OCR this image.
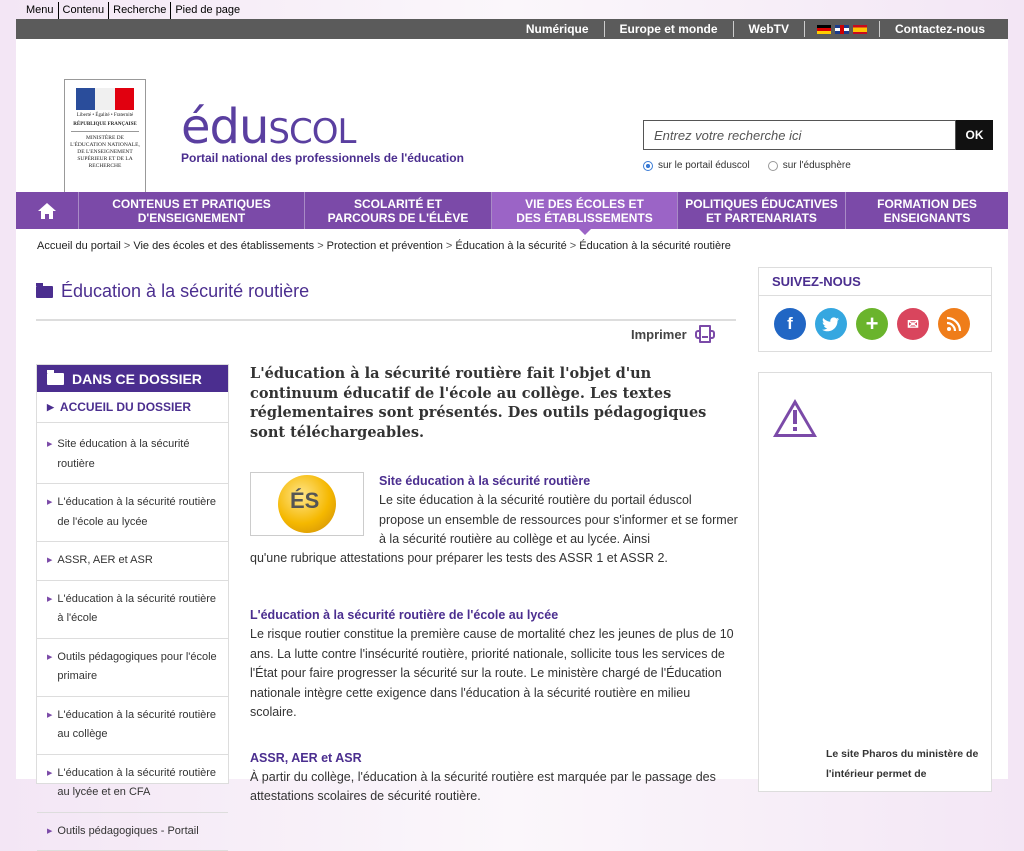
Menu Contenu Recherche Pied de page
Numérique	Europe et monde	WebTV	Contactez-nous
Liberté • Égalité • Fraternité
RÉPUBLIQUE FRANÇAISE
MINISTÈRE DE L'ÉDUCATION NATIONALE, DE L'ENSEIGNEMENT SUPÉRIEUR ET DE LA RECHERCHE
éduscol
Portail national des professionnels de l'éducation
Entrez votre recherche ici
OK
sur le portail éduscol	sur l'édusphère
CONTENUS ET PRATIQUES
D'ENSEIGNEMENT
SCOLARITÉ ET
PARCOURS DE L'ÉLÈVE
VIE DES ÉCOLES ET
DES ÉTABLISSEMENTS
POLITIQUES ÉDUCATIVES
ET PARTENARIATS
FORMATION DES
ENSEIGNANTS
Accueil du portail > Vie des écoles et des établissements > Protection et prévention > Éducation à la sécurité > Éducation à la sécurité routière
Éducation à la sécurité routière
Imprimer
DANS CE DOSSIER
▶ ACCUEIL DU DOSSIER
▶ Site éducation à la sécurité routière
▶ L'éducation à la sécurité routière de l'école au lycée
▶ ASSR, AER et ASR
▶ L'éducation à la sécurité routière à l'école
▶ Outils pédagogiques pour l'école primaire
▶ L'éducation à la sécurité routière au collège
▶ L'éducation à la sécurité routière au lycée et en CFA
▶ Outils pédagogiques - Portail

L'éducation à la sécurité routière fait l'objet d'un continuum éducatif de l'école au collège. Les textes réglementaires sont présentés. Des outils pédagogiques sont téléchargeables.

ÉS
Site éducation à la sécurité routière

Le site éducation à la sécurité routière du portail éduscol propose un ensemble de ressources pour s'informer et se former à la sécurité routière au collège et au lycée. Ainsi

qu'une rubrique attestations pour préparer les tests des ASSR 1 et ASSR 2.

L'éducation à la sécurité routière de l'école au lycée

Le risque routier constitue la première cause de mortalité chez les jeunes de plus de 10 ans. La lutte contre l'insécurité routière, priorité nationale, sollicite tous les services de l'État pour faire progresser la sécurité sur la route. Le ministère chargé de l'Éducation nationale intègre cette exigence dans l'éducation à la sécurité routière en milieu scolaire.

ASSR, AER et ASR

À partir du collège, l'éducation à la sécurité routière est marquée par le passage des attestations scolaires de sécurité routière.

SUIVEZ-NOUS
f	+	✉

Le site Pharos du ministère de l'intérieur permet de
